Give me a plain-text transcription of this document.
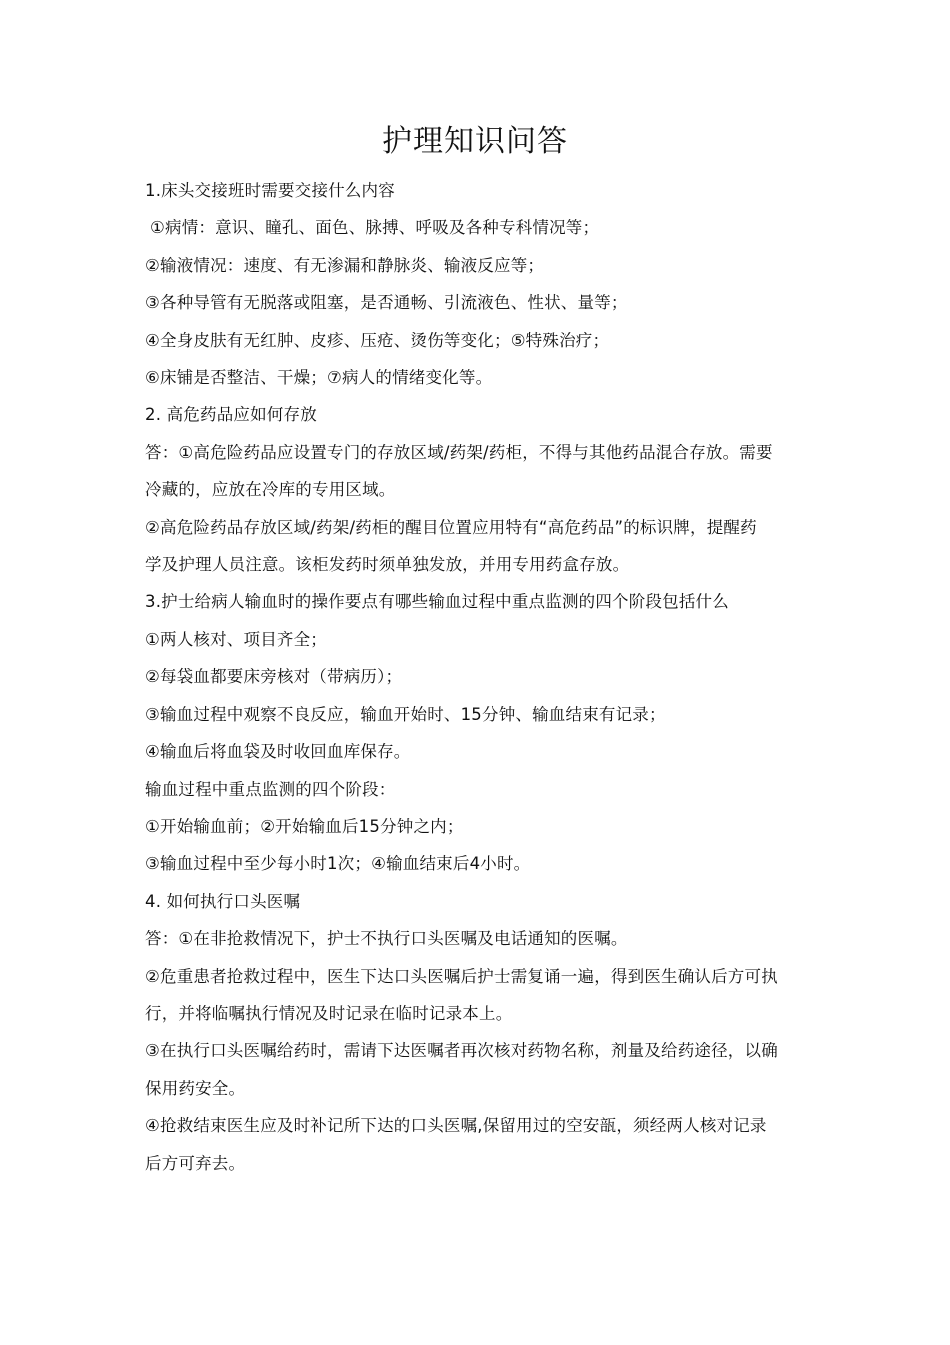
护理知识问答
1.床头交接班时需要交接什么内容
①病情：意识、瞳孔、面色、脉搏、呼吸及各种专科情况等；
②输液情况：速度、有无渗漏和静脉炎、输液反应等；
③各种导管有无脱落或阻塞，是否通畅、引流液色、性状、量等；
④全身皮肤有无红肿、皮疹、压疮、烫伤等变化；⑤特殊治疗；
⑥床铺是否整洁、干燥；⑦病人的情绪变化等。
2. 高危药品应如何存放
答：①高危险药品应设置专门的存放区域/药架/药柜，不得与其他药品混合存放。需要
冷藏的，应放在冷库的专用区域。
②高危险药品存放区域/药架/药柜的醒目位置应用特有“高危药品”的标识牌，提醒药
学及护理人员注意。该柜发药时须单独发放，并用专用药盒存放。
3.护士给病人输血时的操作要点有哪些输血过程中重点监测的四个阶段包括什么
①两人核对、项目齐全；
②每袋血都要床旁核对（带病历）；
③输血过程中观察不良反应，输血开始时、15分钟、输血结束有记录；
④输血后将血袋及时收回血库保存。
输血过程中重点监测的四个阶段：
①开始输血前；②开始输血后15分钟之内；
③输血过程中至少每小时1次；④输血结束后4小时。
4. 如何执行口头医嘱
答：①在非抢救情况下，护士不执行口头医嘱及电话通知的医嘱。
②危重患者抢救过程中，医生下达口头医嘱后护士需复诵一遍，得到医生确认后方可执
行，并将临嘱执行情况及时记录在临时记录本上。
③在执行口头医嘱给药时，需请下达医嘱者再次核对药物名称，剂量及给药途径，以确
保用药安全。
④抢救结束医生应及时补记所下达的口头医嘱,保留用过的空安瓿，须经两人核对记录
后方可弃去。
